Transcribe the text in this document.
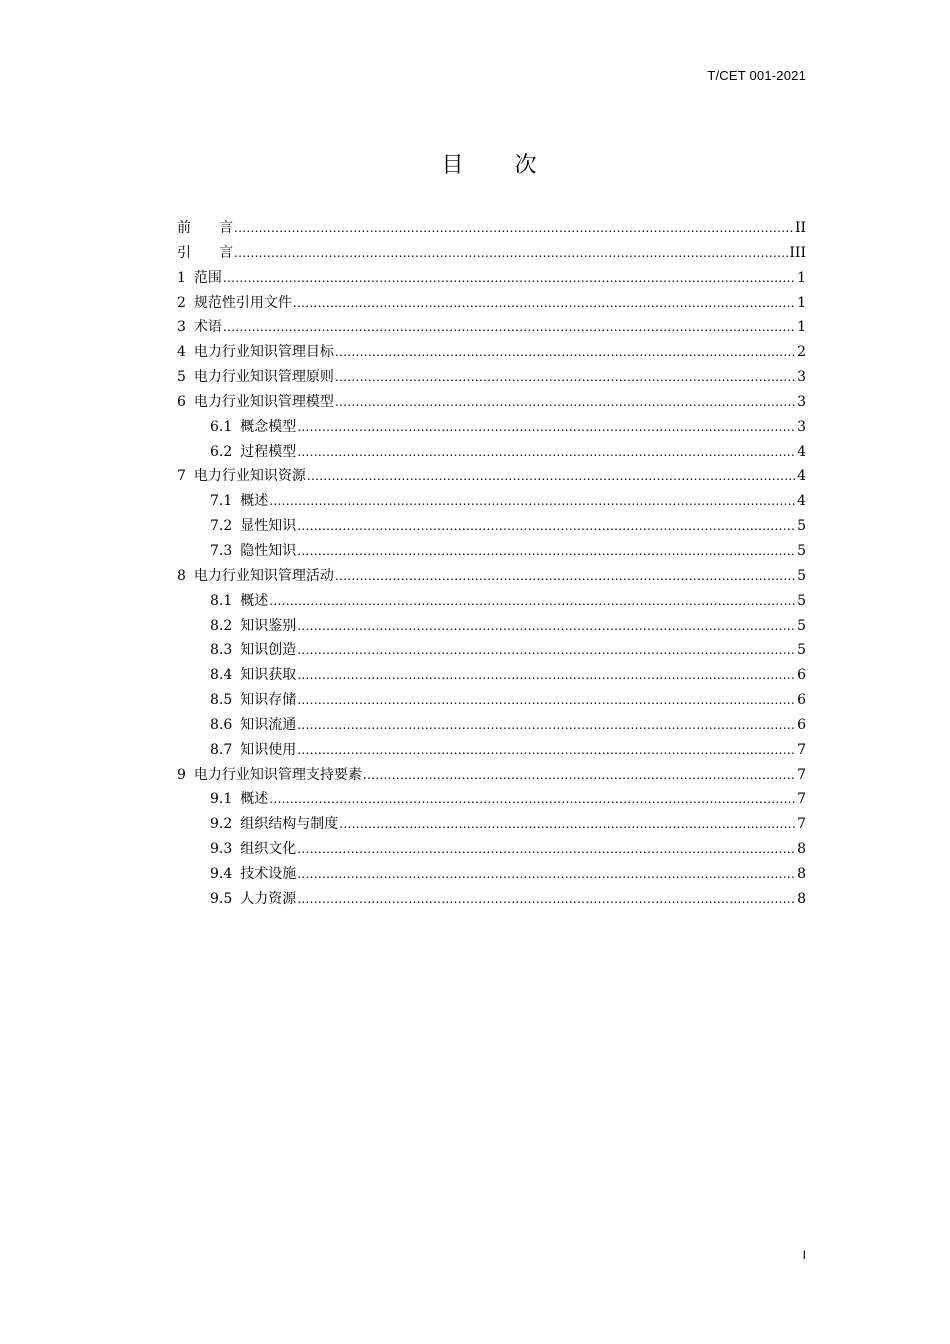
T/CET 001-2021
目 次
前　　言 .....	II
引　　言 .....	III
1 范围 .....	1
2 规范性引用文件 .....	1
3 术语 .....	1
4 电力行业知识管理目标 .....	2
5 电力行业知识管理原则 .....	3
6 电力行业知识管理模型 .....	3
6.1 概念模型 .....	3
6.2 过程模型 .....	4
7 电力行业知识资源 .....	4
7.1 概述 .....	4
7.2 显性知识 .....	5
7.3 隐性知识 .....	5
8 电力行业知识管理活动 .....	5
8.1 概述 .....	5
8.2 知识鉴别 .....	5
8.3 知识创造 .....	5
8.4 知识获取 .....	6
8.5 知识存储 .....	6
8.6 知识流通 .....	6
8.7 知识使用 .....	7
9 电力行业知识管理支持要素 .....	7
9.1 概述 .....	7
9.2 组织结构与制度 .....	7
9.3 组织文化 .....	8
9.4 技术设施 .....	8
9.5 人力资源 .....	8
I
